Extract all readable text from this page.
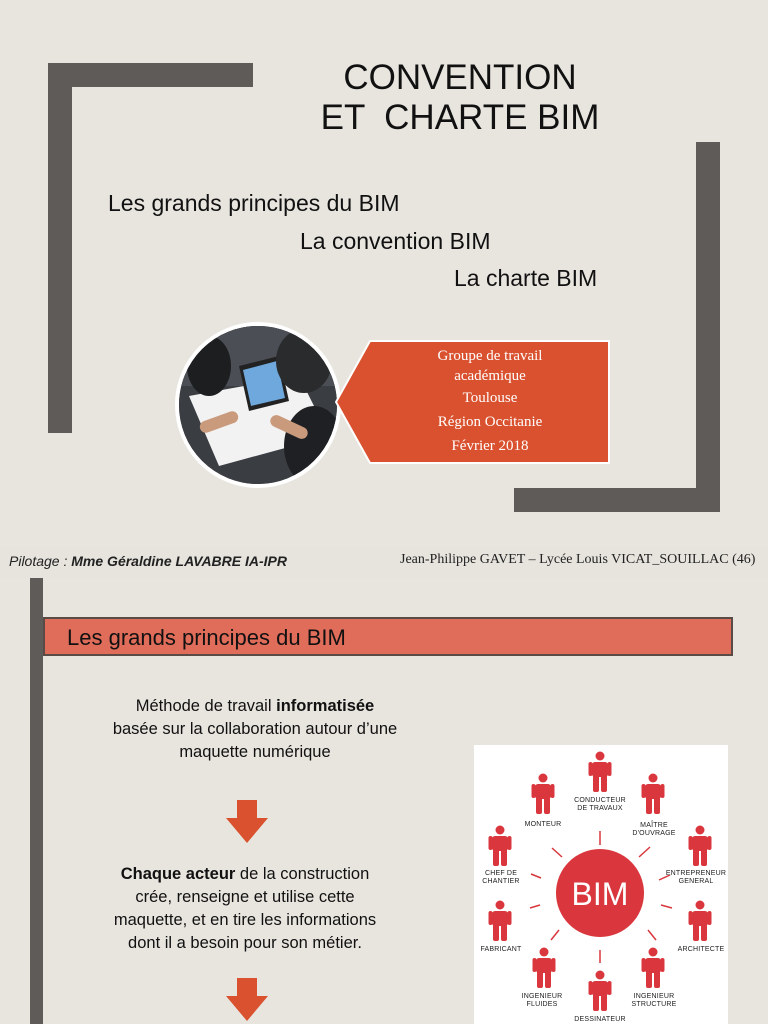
CONVENTION
ET  CHARTE BIM
Les grands principes du BIM
La convention BIM
La charte BIM
Groupe de travail
académique
Toulouse
Région Occitanie
Février 2018
Pilotage : Mme Géraldine LAVABRE IA-IPR	Jean-Philippe GAVET – Lycée Louis VICAT_SOUILLAC (46)
Les grands principes du BIM
Méthode de travail informatisée
basée sur la collaboration autour d’une
maquette numérique
Chaque acteur de la construction
crée, renseigne et utilise cette
maquette, et en tire les informations
dont il a besoin pour son métier.
BIM
CONDUCTEUR
DE TRAVAUX
MAÎTRE
D'OUVRAGE
ENTREPRENEUR
GENERAL
ARCHITECTE
INGENIEUR
STRUCTURE
DESSINATEUR
INGENIEUR
FLUIDES
FABRICANT
CHEF DE
CHANTIER
MONTEUR
